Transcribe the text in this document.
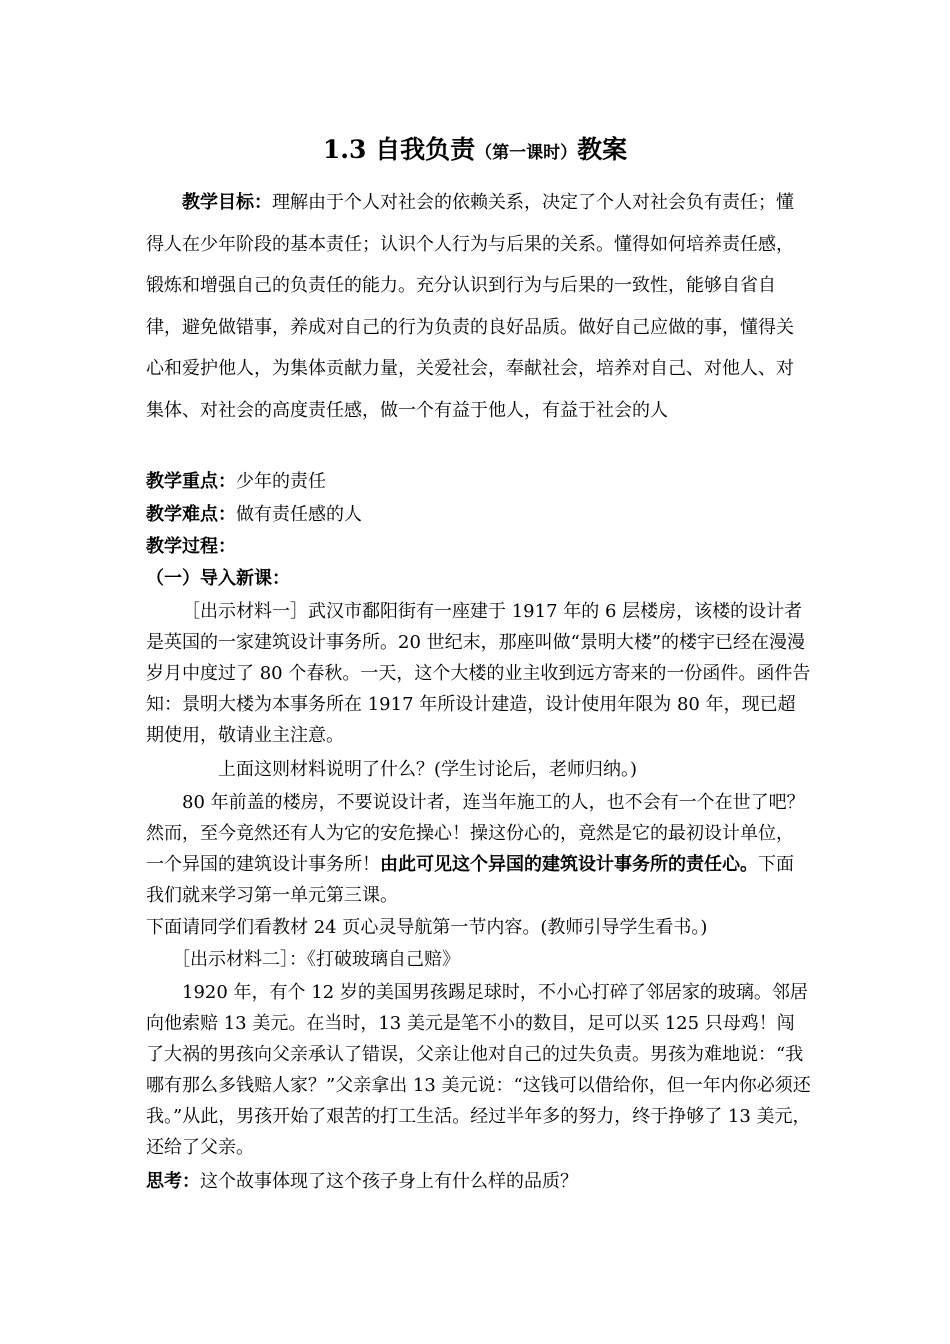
1.3 自我负责（第一课时）教案
教学目标：理解由于个人对社会的依赖关系，决定了个人对社会负有责任；懂得人在少年阶段的基本责任；认识个人行为与后果的关系。懂得如何培养责任感，锻炼和增强自己的负责任的能力。充分认识到行为与后果的一致性，能够自省自律，避免做错事，养成对自己的行为负责的良好品质。做好自己应做的事，懂得关心和爱护他人，为集体贡献力量，关爱社会，奉献社会，培养对自己、对他人、对集体、对社会的高度责任感，做一个有益于他人，有益于社会的人
教学重点：少年的责任
教学难点：做有责任感的人
教学过程：
（一）导入新课：
［出示材料一］武汉市鄱阳街有一座建于 1917 年的 6 层楼房，该楼的设计者是英国的一家建筑设计事务所。20 世纪末，那座叫做“景明大楼”的楼宇已经在漫漫岁月中度过了 80 个春秋。一天，这个大楼的业主收到远方寄来的一份函件。函件告知：景明大楼为本事务所在 1917 年所设计建造，设计使用年限为 80 年，现已超期使用，敬请业主注意。
上面这则材料说明了什么？(学生讨论后，老师归纳。)
80 年前盖的楼房，不要说设计者，连当年施工的人，也不会有一个在世了吧？然而，至今竟然还有人为它的安危操心！操这份心的，竟然是它的最初设计单位，一个异国的建筑设计事务所！由此可见这个异国的建筑设计事务所的责任心。下面我们就来学习第一单元第三课。
下面请同学们看教材 24 页心灵导航第一节内容。(教师引导学生看书。)
［出示材料二］：《打破玻璃自己赔》
1920 年，有个 12 岁的美国男孩踢足球时，不小心打碎了邻居家的玻璃。邻居向他索赔 13 美元。在当时，13 美元是笔不小的数目，足可以买 125 只母鸡！闯了大祸的男孩向父亲承认了错误，父亲让他对自己的过失负责。男孩为难地说：“我哪有那么多钱赔人家？”父亲拿出 13 美元说：“这钱可以借给你，但一年内你必须还我。”从此，男孩开始了艰苦的打工生活。经过半年多的努力，终于挣够了 13 美元，还给了父亲。
思考：这个故事体现了这个孩子身上有什么样的品质？
